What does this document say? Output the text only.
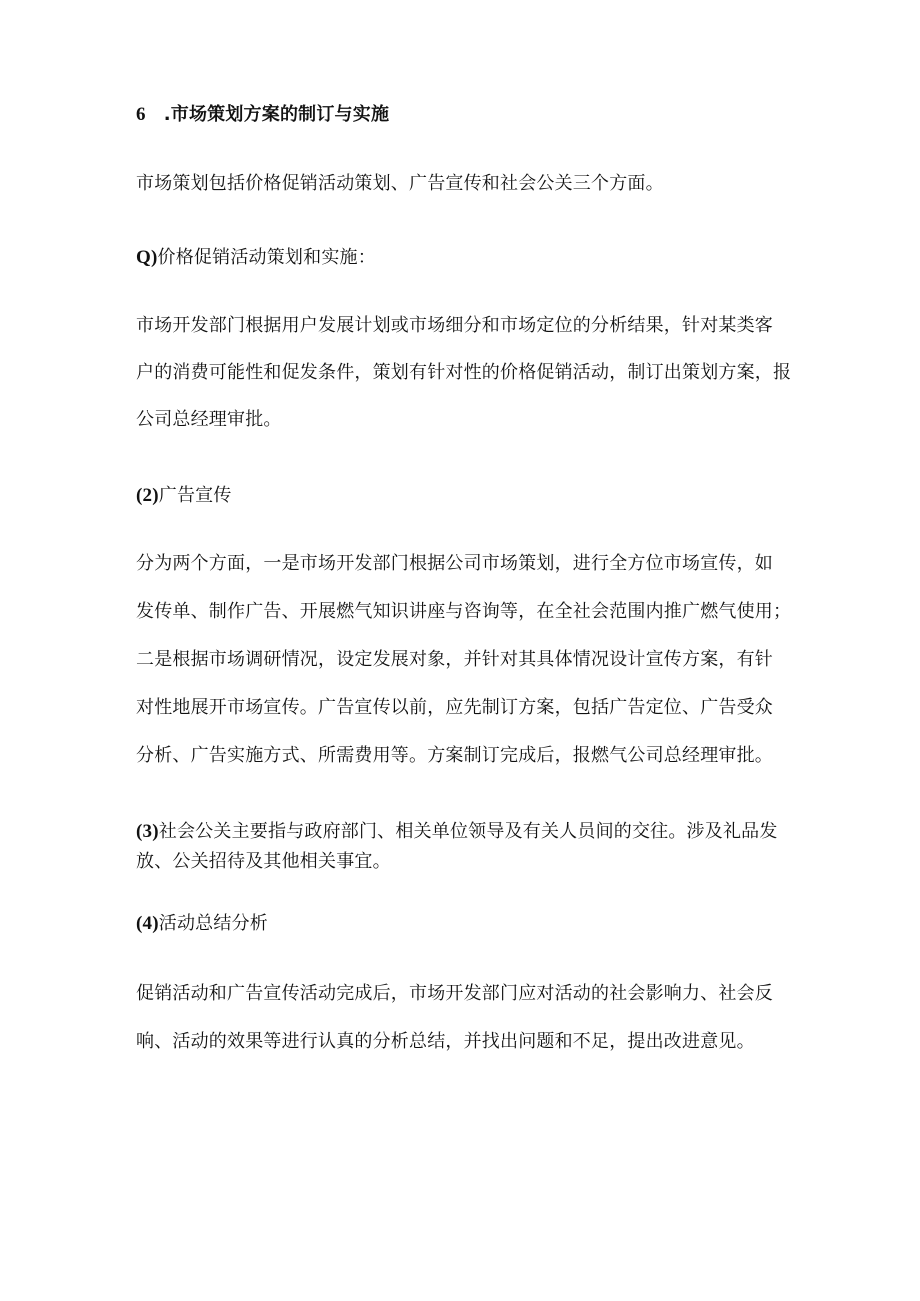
6 .市场策划方案的制订与实施
市场策划包括价格促销活动策划、广告宣传和社会公关三个方面。
Q)价格促销活动策划和实施：
市场开发部门根据用户发展计划或市场细分和市场定位的分析结果，针对某类客
户的消费可能性和促发条件，策划有针对性的价格促销活动，制订出策划方案，报
公司总经理审批。
(2)广告宣传
分为两个方面，一是市场开发部门根据公司市场策划，进行全方位市场宣传，如
发传单、制作广告、开展燃气知识讲座与咨询等，在全社会范围内推广燃气使用；
二是根据市场调研情况，设定发展对象，并针对其具体情况设计宣传方案，有针
对性地展开市场宣传。广告宣传以前，应先制订方案，包括广告定位、广告受众
分析、广告实施方式、所需费用等。方案制订完成后，报燃气公司总经理审批。
(3)社会公关主要指与政府部门、相关单位领导及有关人员间的交往。涉及礼品发
放、公关招待及其他相关事宜。
(4)活动总结分析
促销活动和广告宣传活动完成后，市场开发部门应对活动的社会影响力、社会反
响、活动的效果等进行认真的分析总结，并找出问题和不足，提出改进意见。
